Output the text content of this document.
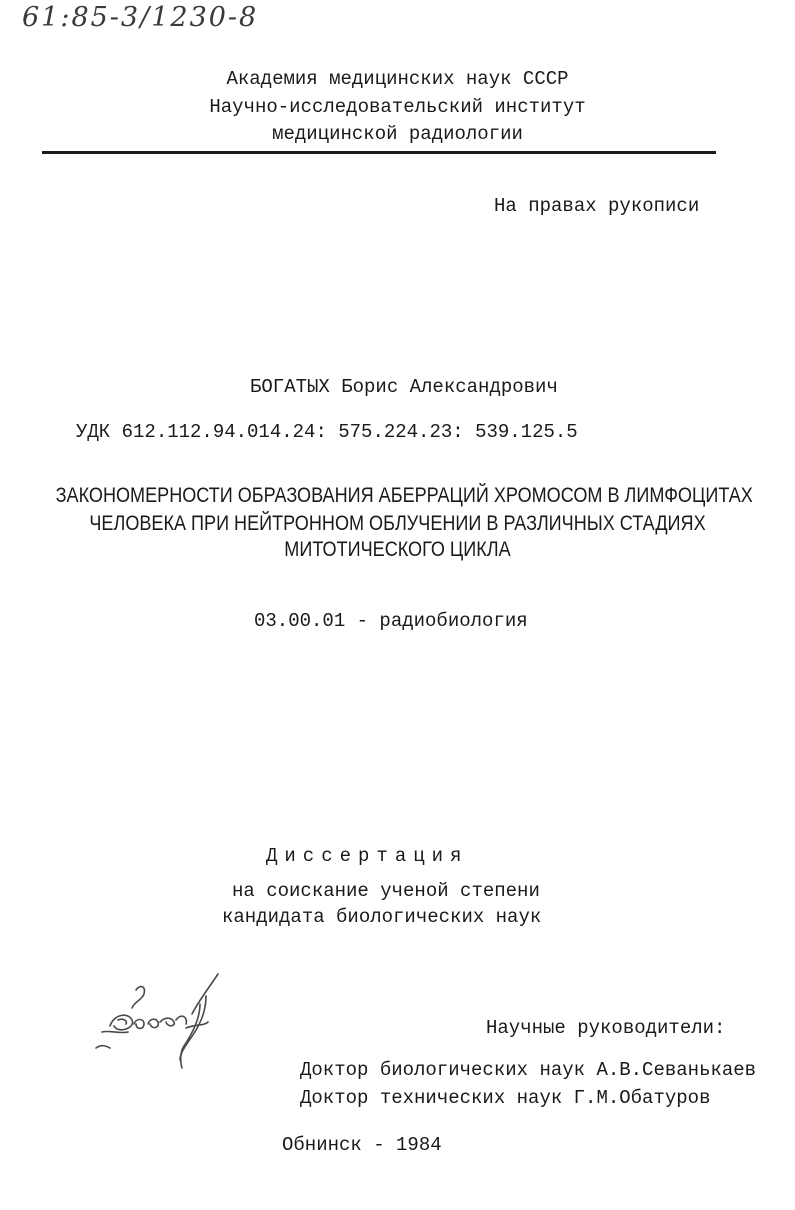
61:85-3/1230-8
Академия медицинских наук СССР
Научно-исследовательский институт
медицинской радиологии
На правах рукописи
БОГАТЫХ Борис Александрович
УДК 612.112.94.014.24: 575.224.23: 539.125.5
ЗАКОНОМЕРНОСТИ ОБРАЗОВАНИЯ АБЕРРАЦИЙ ХРОМОСОМ В ЛИМФОЦИТАХ
ЧЕЛОВЕКА ПРИ НЕЙТРОННОМ ОБЛУЧЕНИИ В РАЗЛИЧНЫХ СТАДИЯХ
МИТОТИЧЕСКОГО ЦИКЛА
03.00.01 - радиобиология
Диссертация
на соискание ученой степени
кандидата биологических наук
Научные руководители:
Доктор биологических наук А.В.Севанькаев
Доктор технических наук Г.М.Обатуров
Обнинск - 1984
